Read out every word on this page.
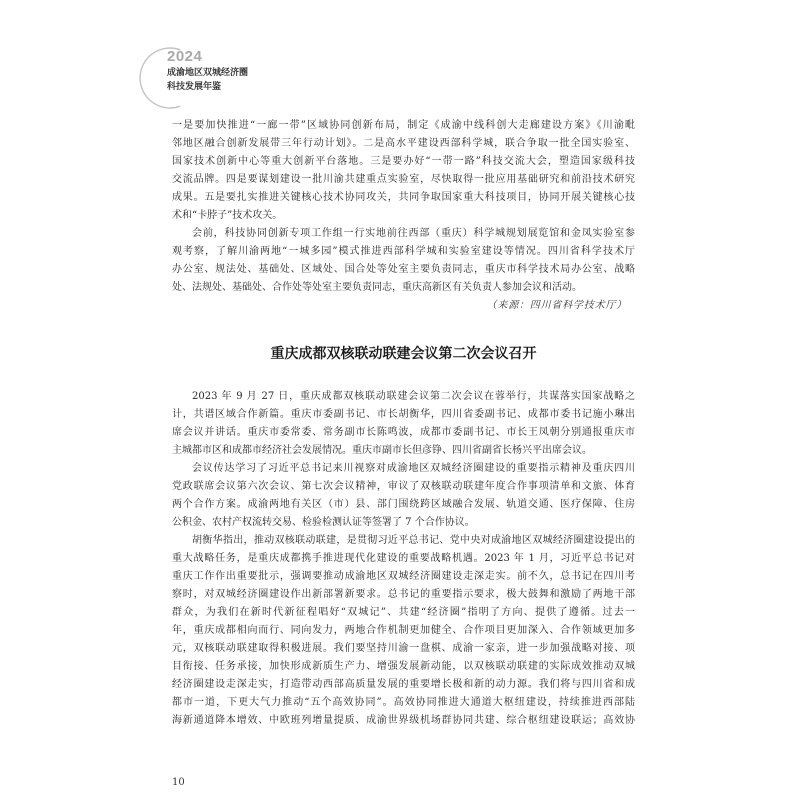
2024
成渝地区双城经济圈
科技发展年鉴
一是要加快推进“一廊一带”区域协同创新布局，制定《成渝中线科创大走廊建设方案》《川渝毗
邻地区融合创新发展带三年行动计划》。二是高水平建设西部科学城，联合争取一批全国实验室、
国家技术创新中心等重大创新平台落地。三是要办好“一带一路”科技交流大会，塑造国家级科技
交流品牌。四是要谋划建设一批川渝共建重点实验室，尽快取得一批应用基础研究和前沿技术研究
成果。五是要扎实推进关键核心技术协同攻关，共同争取国家重大科技项目，协同开展关键核心技
术和“卡脖子”技术攻关。
会前，科技协同创新专项工作组一行实地前往西部（重庆）科学城规划展览馆和金凤实验室参
观考察，了解川渝两地“一城多园”模式推进西部科学城和实验室建设等情况。四川省科学技术厅
办公室、规法处、基础处、区域处、国合处等处室主要负责同志，重庆市科学技术局办公室、战略
处、法规处、基础处、合作处等处室主要负责同志，重庆高新区有关负责人参加会议和活动。
（来源：四川省科学技术厅）
重庆成都双核联动联建会议第二次会议召开
2023 年 9 月 27 日，重庆成都双核联动联建会议第二次会议在蓉举行，共谋落实国家战略之
计，共谱区域合作新篇。重庆市委副书记、市长胡衡华，四川省委副书记、成都市委书记施小琳出
席会议并讲话。重庆市委常委、常务副市长陈鸣波，成都市委副书记、市长王凤朝分别通报重庆市
主城都市区和成都市经济社会发展情况。重庆市副市长但彦铮、四川省副省长杨兴平出席会议。
会议传达学习了习近平总书记来川视察对成渝地区双城经济圈建设的重要指示精神及重庆四川
党政联席会议第六次会议、第七次会议精神，审议了双核联动联建年度合作事项清单和文旅、体育
两个合作方案。成渝两地有关区（市）县、部门围绕跨区域融合发展、轨道交通、医疗保障、住房
公积金、农村产权流转交易、检验检测认证等签署了 7 个合作协议。
胡衡华指出，推动双核联动联建，是贯彻习近平总书记、党中央对成渝地区双城经济圈建设提出的
重大战略任务，是重庆成都携手推进现代化建设的重要战略机遇。2023 年 1 月，习近平总书记对
重庆工作作出重要批示，强调要推动成渝地区双城经济圈建设走深走实。前不久，总书记在四川考
察时，对双城经济圈建设作出新部署新要求。总书记的重要指示要求，极大鼓舞和激励了两地干部
群众，为我们在新时代新征程唱好“双城记”、共建“经济圈”指明了方向、提供了遵循。过去一
年，重庆成都相向而行、同向发力，两地合作机制更加健全、合作项目更加深入、合作领域更加多
元，双核联动联建取得积极进展。我们要坚持川渝一盘棋、成渝一家亲，进一步加强战略对接、项
目衔接、任务承接，加快形成新质生产力、增强发展新动能，以双核联动联建的实际成效推动双城
经济圈建设走深走实，打造带动西部高质量发展的重要增长极和新的动力源。我们将与四川省和成
都市一道，下更大气力推动“五个高效协同”。高效协同推进大通道大枢纽建设，持续推进西部陆
海新通道降本增效、中欧班列增量提质、成渝世界级机场群协同共建、综合枢纽建设联运；高效协
10
